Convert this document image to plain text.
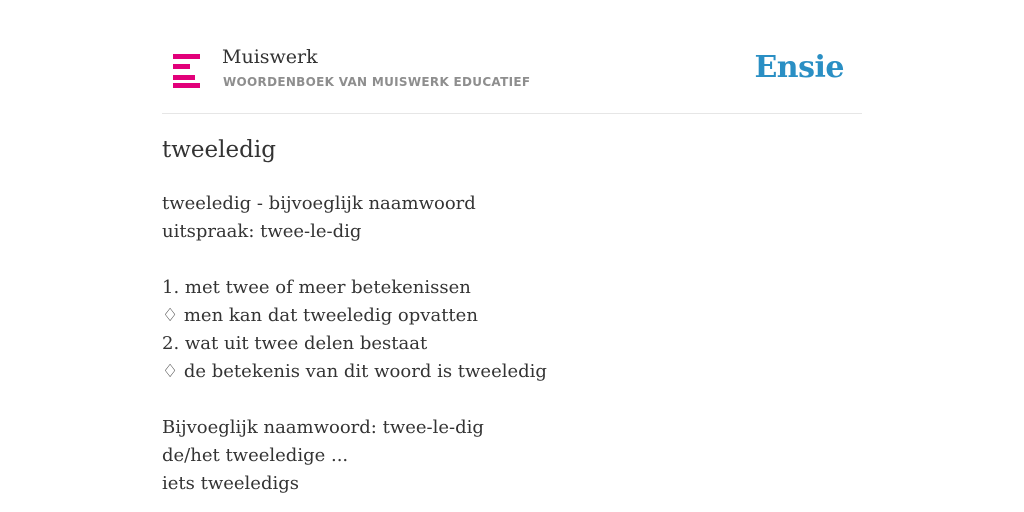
Muiswerk
WOORDENBOEK VAN MUISWERK EDUCATIEF	Ensie
tweeledig
tweeledig - bijvoeglijk naamwoord
uitspraak: twee-le-dig
1. met twee of meer betekenissen
♢ men kan dat tweeledig opvatten
2. wat uit twee delen bestaat
♢ de betekenis van dit woord is tweeledig
Bijvoeglijk naamwoord: twee-le-dig
de/het tweeledige ...
iets tweeledigs
